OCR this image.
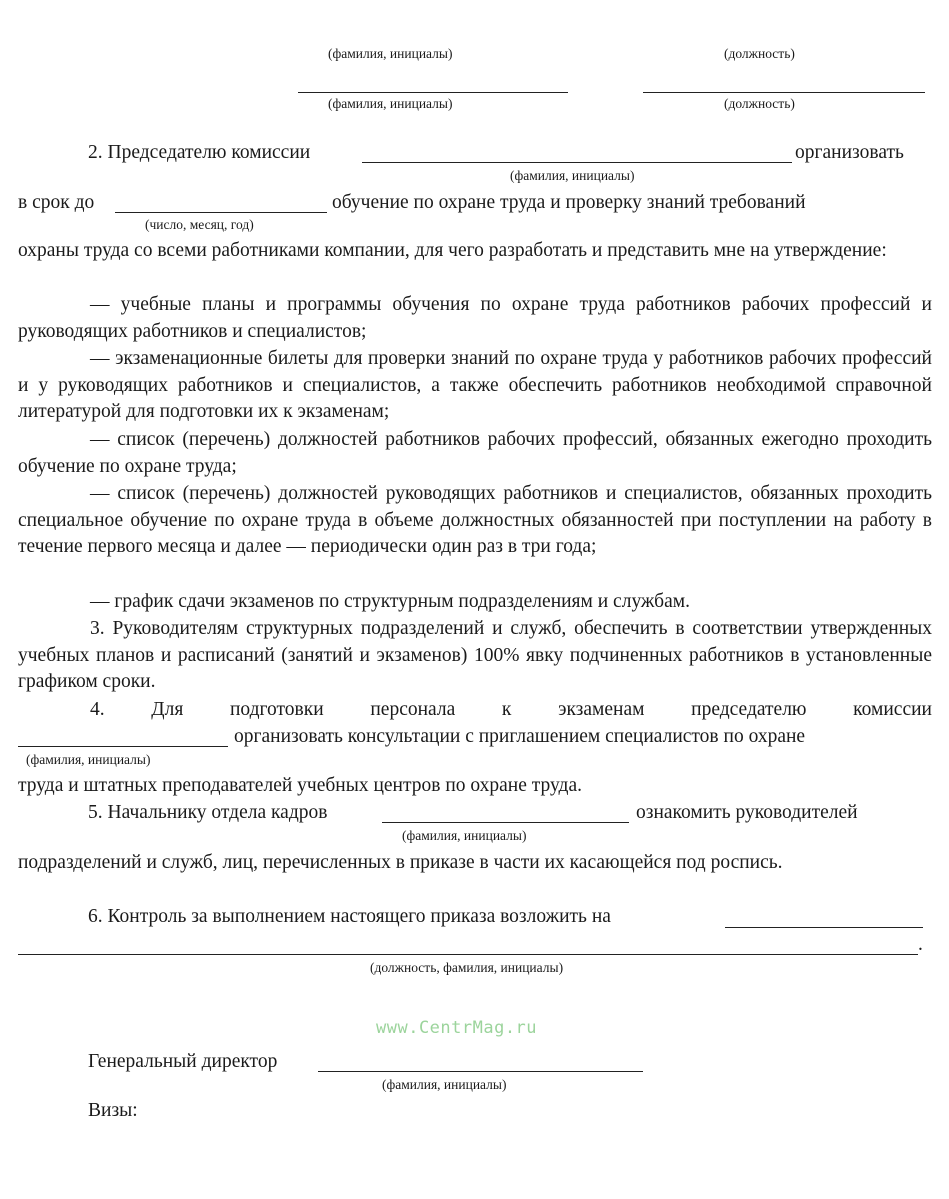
(фамилия, инициалы)	(должность)
(фамилия, инициалы)	(должность)
2. Председателю комиссии	организовать
(фамилия, инициалы)
в срок до	обучение по охране труда и проверку знаний требований
(число, месяц, год)
охраны труда со всеми работниками компании, для чего разработать и представить мне на утверждение:
— учебные планы и программы обучения по охране труда работников рабочих профессий и руководящих работников и специалистов;
— экзаменационные билеты для проверки знаний по охране труда у работников рабочих профессий и у руководящих работников и специалистов, а также обеспечить работников необходимой справочной литературой для подготовки их к экзаменам;
— список (перечень) должностей работников рабочих профессий, обязанных ежегодно проходить обучение по охране труда;
— список (перечень) должностей руководящих работников и специалистов, обязанных проходить специальное обучение по охране труда в объеме должностных обязанностей при поступлении на работу в течение первого месяца и далее — периодически один раз в три года;
— график сдачи экзаменов по структурным подразделениям и службам.
3. Руководителям структурных подразделений и служб, обеспечить в соответствии утвержденных учебных планов и расписаний (занятий и экзаменов) 100% явку подчиненных работников в установленные графиком сроки.
4. Для подготовки персонала к экзаменам председателю комиссии
организовать консультации с приглашением специалистов по охране
(фамилия, инициалы)
труда и штатных преподавателей учебных центров по охране труда.
5. Начальнику отдела кадров	ознакомить руководителей
(фамилия, инициалы)
подразделений и служб, лиц, перечисленных в приказе в части их касающейся под роспись.
6. Контроль за выполнением настоящего приказа возложить на
.
(должность, фамилия, инициалы)
www.CentrMag.ru
Генеральный директор
(фамилия, инициалы)
Визы:
